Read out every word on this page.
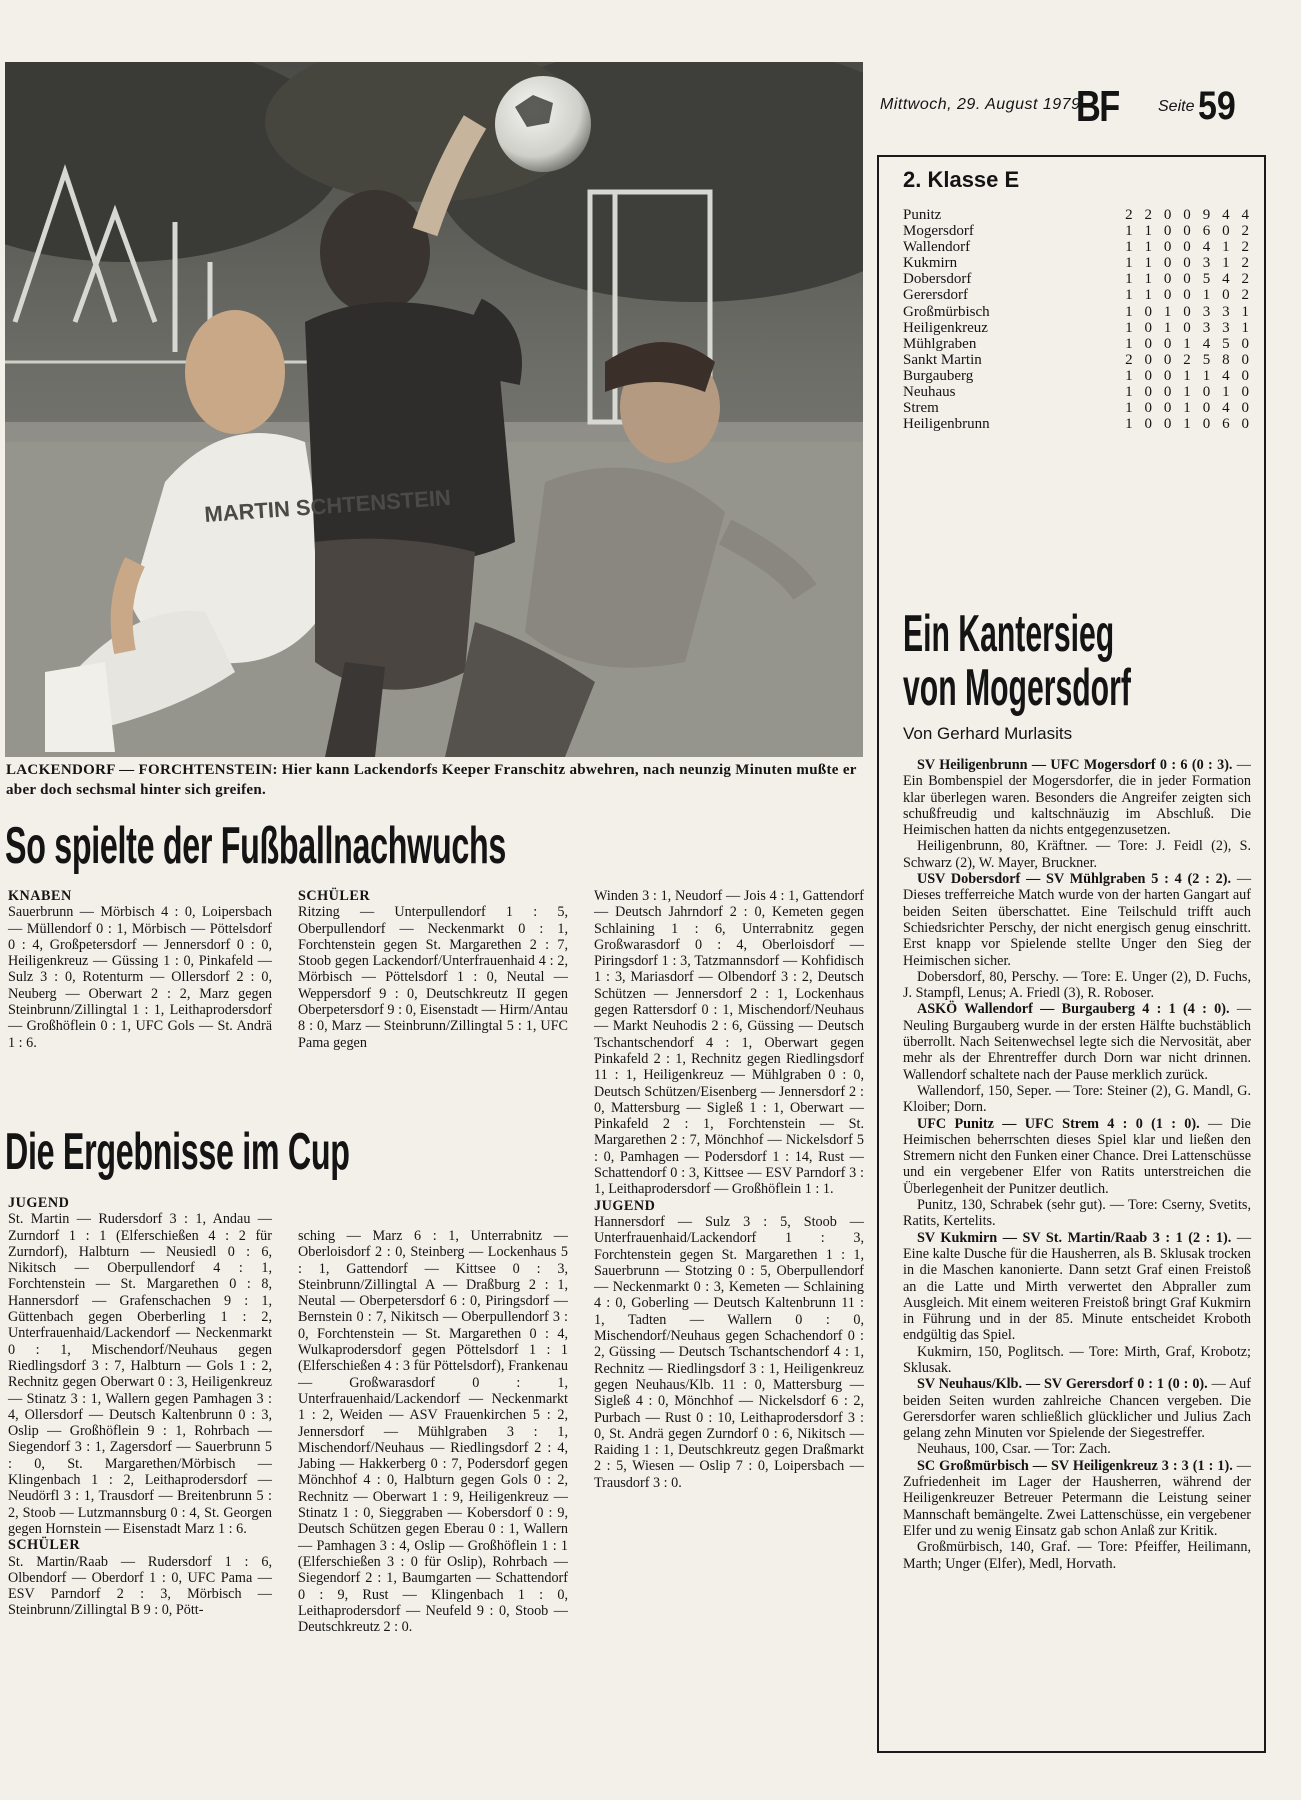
Mittwoch, 29. August 1979
BF Seite 59
MARTIN SCHTENSTEIN
LACKENDORF — FORCHTENSTEIN: Hier kann Lackendorfs Keeper Franschitz abwehren, nach neunzig Minuten mußte er aber doch sechsmal hinter sich greifen.
So spielte der Fußballnachwuchs
Die Ergebnisse im Cup

KNABEN

Sauerbrunn — Mörbisch 4 : 0, Loipersbach — Müllendorf 0 : 1, Mörbisch — Pöttelsdorf 0 : 4, Großpetersdorf — Jennersdorf 0 : 0, Heiligenkreuz — Güssing 1 : 0, Pinkafeld — Sulz 3 : 0, Rotenturm — Ollersdorf 2 : 0, Neuberg — Oberwart 2 : 2, Marz gegen Steinbrunn/Zillingtal 1 : 1, Leithaprodersdorf — Großhöflein 0 : 1, UFC Gols — St. Andrä 1 : 6.

SCHÜLER

Ritzing — Unterpullendorf 1 : 5, Oberpullendorf — Neckenmarkt 0 : 1, Forchtenstein gegen St. Margarethen 2 : 7, Stoob gegen Lackendorf/Unterfrauenhaid 4 : 2, Mörbisch — Pöttelsdorf 1 : 0, Neutal — Weppersdorf 9 : 0, Deutschkreutz II gegen Oberpetersdorf 9 : 0, Eisenstadt — Hirm/Antau 8 : 0, Marz — Steinbrunn/Zillingtal 5 : 1, UFC Pama gegen

JUGEND

St. Martin — Rudersdorf 3 : 1, Andau — Zurndorf 1 : 1 (Elferschießen 4 : 2 für Zurndorf), Halbturn — Neusiedl 0 : 6, Nikitsch — Oberpullendorf 4 : 1, Forchtenstein — St. Margarethen 0 : 8, Hannersdorf — Grafenschachen 9 : 1, Güttenbach gegen Oberberling 1 : 2, Unterfrauenhaid/Lackendorf — Neckenmarkt 0 : 1, Mischendorf/Neuhaus gegen Riedlingsdorf 3 : 7, Halbturn — Gols 1 : 2, Rechnitz gegen Oberwart 0 : 3, Heiligenkreuz — Stinatz 3 : 1, Wallern gegen Pamhagen 3 : 4, Ollersdorf — Deutsch Kaltenbrunn 0 : 3, Oslip — Großhöflein 9 : 1, Rohrbach — Siegendorf 3 : 1, Zagersdorf — Sauerbrunn 5 : 0, St. Margarethen/Mörbisch — Klingenbach 1 : 2, Leithaprodersdorf — Neudörfl 3 : 1, Trausdorf — Breitenbrunn 5 : 2, Stoob — Lutzmannsburg 0 : 4, St. Georgen gegen Hornstein — Eisenstadt Marz 1 : 6.

SCHÜLER

St. Martin/Raab — Rudersdorf 1 : 6, Olbendorf — Oberdorf 1 : 0, UFC Pama — ESV Parndorf 2 : 3, Mörbisch — Steinbrunn/Zillingtal B 9 : 0, Pött-

sching — Marz 6 : 1, Unterrabnitz — Oberloisdorf 2 : 0, Steinberg — Lockenhaus 5 : 1, Gattendorf — Kittsee 0 : 3, Steinbrunn/Zillingtal A — Draßburg 2 : 1, Neutal — Oberpetersdorf 6 : 0, Piringsdorf — Bernstein 0 : 7, Nikitsch — Oberpullendorf 3 : 0, Forchtenstein — St. Margarethen 0 : 4, Wulkaprodersdorf gegen Pöttelsdorf 1 : 1 (Elferschießen 4 : 3 für Pöttelsdorf), Frankenau — Großwarasdorf 0 : 1, Unterfrauenhaid/Lackendorf — Neckenmarkt 1 : 2, Weiden — ASV Frauenkirchen 5 : 2, Jennersdorf — Mühlgraben 3 : 1, Mischendorf/Neuhaus — Riedlingsdorf 2 : 4, Jabing — Hakkerberg 0 : 7, Podersdorf gegen Mönchhof 4 : 0, Halbturn gegen Gols 0 : 2, Rechnitz — Oberwart 1 : 9, Heiligenkreuz — Stinatz 1 : 0, Sieggraben — Kobersdorf 0 : 9, Deutsch Schützen gegen Eberau 0 : 1, Wallern — Pamhagen 3 : 4, Oslip — Großhöflein 1 : 1 (Elferschießen 3 : 0 für Oslip), Rohrbach — Siegendorf 2 : 1, Baumgarten — Schattendorf 0 : 9, Rust — Klingenbach 1 : 0, Leithaprodersdorf — Neufeld 9 : 0, Stoob — Deutschkreutz 2 : 0.

Winden 3 : 1, Neudorf — Jois 4 : 1, Gattendorf — Deutsch Jahrndorf 2 : 0, Kemeten gegen Schlaining 1 : 6, Unterrabnitz gegen Großwarasdorf 0 : 4, Oberloisdorf — Piringsdorf 1 : 3, Tatzmannsdorf — Kohfidisch 1 : 3, Mariasdorf — Olbendorf 3 : 2, Deutsch Schützen — Jennersdorf 2 : 1, Lockenhaus gegen Rattersdorf 0 : 1, Mischendorf/Neuhaus — Markt Neuhodis 2 : 6, Güssing — Deutsch Tschantschendorf 4 : 1, Oberwart gegen Pinkafeld 2 : 1, Rechnitz gegen Riedlingsdorf 11 : 1, Heiligenkreuz — Mühlgraben 0 : 0, Deutsch Schützen/Eisenberg — Jennersdorf 2 : 0, Mattersburg — Sigleß 1 : 1, Oberwart — Pinkafeld 2 : 1, Forchtenstein — St. Margarethen 2 : 7, Mönchhof — Nickelsdorf 5 : 0, Pamhagen — Podersdorf 1 : 14, Rust — Schattendorf 0 : 3, Kittsee — ESV Parndorf 3 : 1, Leithaprodersdorf — Großhöflein 1 : 1.

JUGEND

Hannersdorf — Sulz 3 : 5, Stoob — Unterfrauenhaid/Lackendorf 1 : 3, Forchtenstein gegen St. Margarethen 1 : 1, Sauerbrunn — Stotzing 0 : 5, Oberpullendorf — Neckenmarkt 0 : 3, Kemeten — Schlaining 4 : 0, Goberling — Deutsch Kaltenbrunn 11 : 1, Tadten — Wallern 0 : 0, Mischendorf/Neuhaus gegen Schachendorf 0 : 2, Güssing — Deutsch Tschantschendorf 4 : 1, Rechnitz — Riedlingsdorf 3 : 1, Heiligenkreuz gegen Neuhaus/Klb. 11 : 0, Mattersburg — Sigleß 4 : 0, Mönchhof — Nickelsdorf 6 : 2, Purbach — Rust 0 : 10, Leithaprodersdorf 3 : 0, St. Andrä gegen Zurndorf 0 : 6, Nikitsch — Raiding 1 : 1, Deutschkreutz gegen Draßmarkt 2 : 5, Wiesen — Oslip 7 : 0, Loipersbach — Trausdorf 3 : 0.

2. Klasse E
Punitz	2	2	0	0	9	4	4
Mogersdorf	1	1	0	0	6	0	2
Wallendorf	1	1	0	0	4	1	2
Kukmirn	1	1	0	0	3	1	2
Dobersdorf	1	1	0	0	5	4	2
Gerersdorf	1	1	0	0	1	0	2
Großmürbisch	1	0	1	0	3	3	1
Heiligenkreuz	1	0	1	0	3	3	1
Mühlgraben	1	0	0	1	4	5	0
Sankt Martin	2	0	0	2	5	8	0
Burgauberg	1	0	0	1	1	4	0
Neuhaus	1	0	0	1	0	1	0
Strem	1	0	0	1	0	4	0
Heiligenbrunn	1	0	0	1	0	6	0
Ein Kantersieg
von Mogersdorf
Von Gerhard Murlasits

SV Heiligenbrunn — UFC Mogersdorf 0 : 6 (0 : 3). — Ein Bombenspiel der Mogersdorfer, die in jeder Formation klar überlegen waren. Besonders die Angreifer zeigten sich schußfreudig und kaltschnäuzig im Abschluß. Die Heimischen hatten da nichts entgegenzusetzen.

Heiligenbrunn, 80, Kräftner. — Tore: J. Feidl (2), S. Schwarz (2), W. Mayer, Bruckner.

USV Dobersdorf — SV Mühlgraben 5 : 4 (2 : 2). — Dieses trefferreiche Match wurde von der harten Gangart auf beiden Seiten überschattet. Eine Teilschuld trifft auch Schiedsrichter Perschy, der nicht energisch genug einschritt. Erst knapp vor Spielende stellte Unger den Sieg der Heimischen sicher.

Dobersdorf, 80, Perschy. — Tore: E. Unger (2), D. Fuchs, J. Stampfl, Lenus; A. Friedl (3), R. Roboser.

ASKÖ Wallendorf — Burgauberg 4 : 1 (4 : 0). — Neuling Burgauberg wurde in der ersten Hälfte buchstäblich überrollt. Nach Seitenwechsel legte sich die Nervosität, aber mehr als der Ehrentreffer durch Dorn war nicht drinnen. Wallendorf schaltete nach der Pause merklich zurück.

Wallendorf, 150, Seper. — Tore: Steiner (2), G. Mandl, G. Kloiber; Dorn.

UFC Punitz — UFC Strem 4 : 0 (1 : 0). — Die Heimischen beherrschten dieses Spiel klar und ließen den Stremern nicht den Funken einer Chance. Drei Lattenschüsse und ein vergebener Elfer von Ratits unterstreichen die Überlegenheit der Punitzer deutlich.

Punitz, 130, Schrabek (sehr gut). — Tore: Cserny, Svetits, Ratits, Kertelits.

SV Kukmirn — SV St. Martin/Raab 3 : 1 (2 : 1). — Eine kalte Dusche für die Hausherren, als B. Sklusak trocken in die Maschen kanonierte. Dann setzt Graf einen Freistoß an die Latte und Mirth verwertet den Abpraller zum Ausgleich. Mit einem weiteren Freistoß bringt Graf Kukmirn in Führung und in der 85. Minute entscheidet Kroboth endgültig das Spiel.

Kukmirn, 150, Poglitsch. — Tore: Mirth, Graf, Krobotz; Sklusak.

SV Neuhaus/Klb. — SV Gerersdorf 0 : 1 (0 : 0). — Auf beiden Seiten wurden zahlreiche Chancen vergeben. Die Gerersdorfer waren schließlich glücklicher und Julius Zach gelang zehn Minuten vor Spielende der Siegestreffer.

Neuhaus, 100, Csar. — Tor: Zach.

SC Großmürbisch — SV Heiligenkreuz 3 : 3 (1 : 1). — Zufriedenheit im Lager der Hausherren, während der Heiligenkreuzer Betreuer Petermann die Leistung seiner Mannschaft bemängelte. Zwei Lattenschüsse, ein vergebener Elfer und zu wenig Einsatz gab schon Anlaß zur Kritik.

Großmürbisch, 140, Graf. — Tore: Pfeiffer, Heilimann, Marth; Unger (Elfer), Medl, Horvath.
